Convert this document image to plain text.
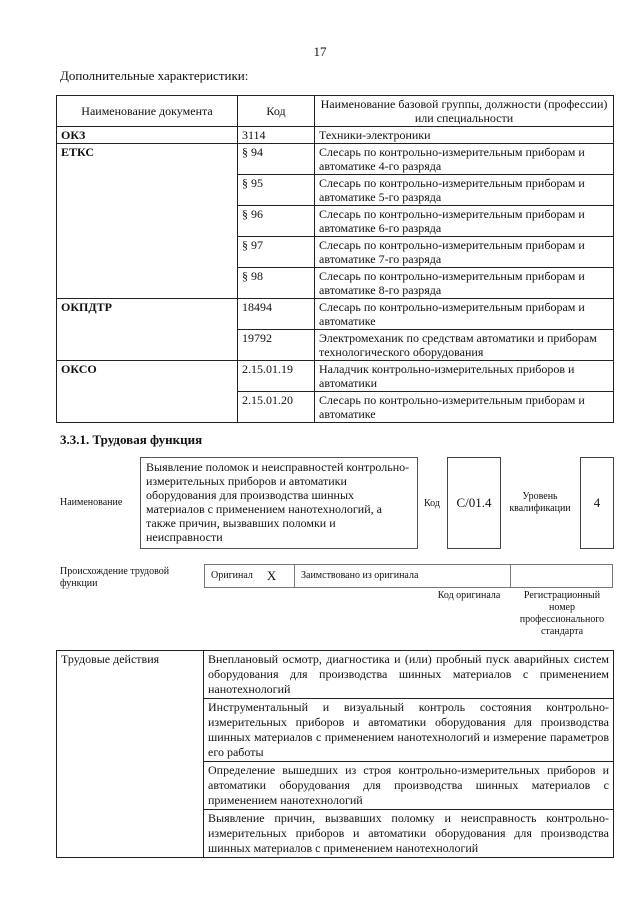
17
Дополнительные характеристики:
Наименование документа	Код	Наименование базовой группы, должности (профессии) или специальности
ОКЗ	3114	Техники-электроники
ЕТКС	§ 94	Слесарь по контрольно-измерительным приборам и автоматике 4-го разряда
	§ 95	Слесарь по контрольно-измерительным приборам и автоматике 5-го разряда
	§ 96	Слесарь по контрольно-измерительным приборам и автоматике 6-го разряда
	§ 97	Слесарь по контрольно-измерительным приборам и автоматике 7-го разряда
	§ 98	Слесарь по контрольно-измерительным приборам и автоматике 8-го разряда
ОКПДТР	18494	Слесарь по контрольно-измерительным приборам и автоматике
	19792	Электромеханик по средствам автоматики и приборам технологического оборудования
ОКСО	2.15.01.19	Наладчик контрольно-измерительных приборов и автоматики
	2.15.01.20	Слесарь по контрольно-измерительным приборам и автоматике
3.3.1. Трудовая функция
Наименование
Выявление поломок и неисправностей контрольно-измерительных приборов и автоматики оборудования для производства шинных материалов с применением нанотехнологий, а также причин, вызвавших поломки и неисправности
Код C/01.4	Уровень квалификации	4
Происхождение трудовой функции
Оригинал X Заимствовано из оригинала
Код оригинала	Регистрационный номер профессионального стандарта
Трудовые действия	Внеплановый осмотр, диагностика и (или) пробный пуск аварийных систем оборудования для производства шинных материалов с применением нанотехнологий
Инструментальный и визуальный контроль состояния контрольно-измерительных приборов и автоматики оборудования для производства шинных материалов с применением нанотехнологий и измерение параметров его работы
Определение вышедших из строя контрольно-измерительных приборов и автоматики оборудования для производства шинных материалов с применением нанотехнологий
Выявление причин, вызвавших поломку и неисправность контрольно-измерительных приборов и автоматики оборудования для производства шинных материалов с применением нанотехнологий
